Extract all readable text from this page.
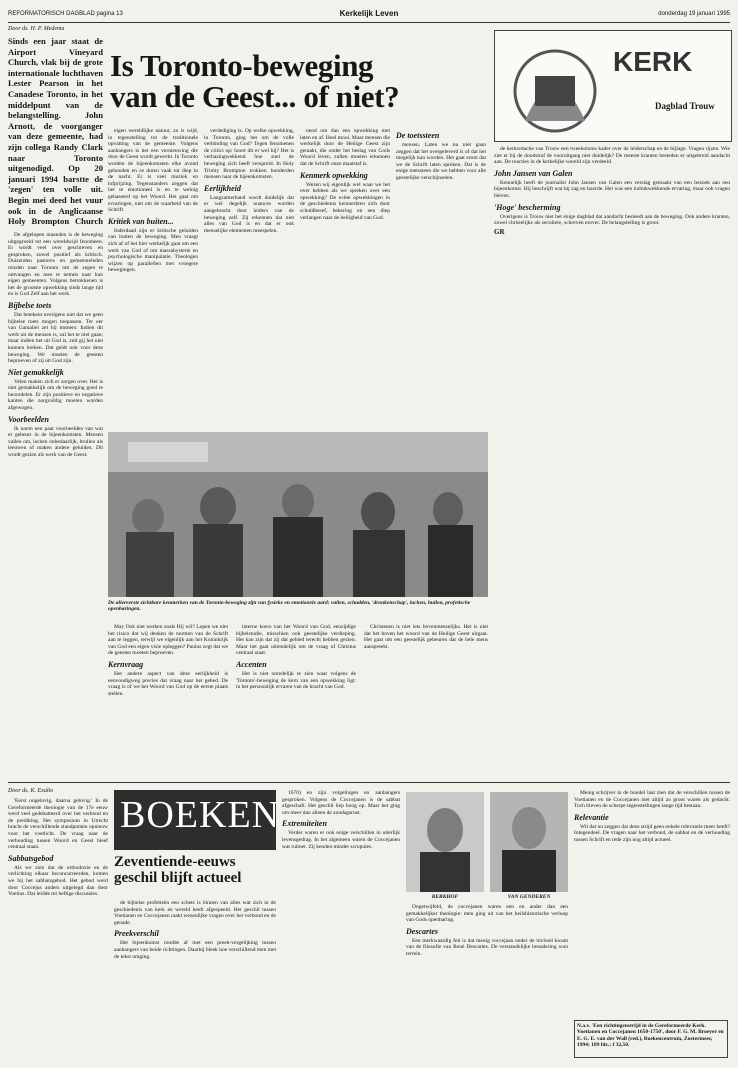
REFORMATORISCH DAGBLAD pagina 13	Kerkelijk Leven	donderdag 19 januari 1995
Door ds. H. P. Medema
Is Toronto-beweging
van de Geest... of niet?
Sinds een jaar staat de Airport Vineyard Church, vlak bij de grote internationale luchthaven Lester Pearson in het Canadese Toronto, in het middelpunt van de belangstelling. John Arnott, de voorganger van deze gemeente, had zijn collega Randy Clark naar Toronto uitgenodigd. Op 20 januari 1994 barstte de 'zegen' ten volle uit. Begin mei deed het vuur ook in de Anglicaanse Holy Brompton Church

De afgelopen maanden is de beweging uitgegroeid tot een wereldwijd fenomeen. Er wordt veel over geschreven en gesproken, zowel positief als kritisch. Duizenden pastores en gemeenteleden reisden naar Toronto om de zegen te ontvangen en mee te nemen naar hun eigen gemeenten. Volgens betrokkenen is het de grootste opwekking sinds lange tijd en is God Zelf aan het werk.

Bijbelse toets

Dat betekent overigens niet dat we geen bijbelse toets mogen toepassen. Ter eer van Gamaliel zei hij immers: Indien dit werk uit de mensen is, zal het te niet gaan; maar indien het uit God is, zult gij het niet kunnen breken. Dat geldt ook voor deze beweging. We moeten de geesten beproeven of zij uit God zijn.

Niet gemakkelijk

Velen maken zich er zorgen over. Het is niet gemakkelijk om de beweging goed te beoordelen. Er zijn positieve en negatieve kanten die zorgvuldig moeten worden afgewogen.

Voorbeelden

Ik noem een paar voorbeelden van wat er gebeurt in de bijeenkomsten. Mensen vallen om, lachen onbedaarlijk, brullen als leeuwen of maken andere geluiden. Dit wordt gezien als werk van de Geest.

eigen wereldlijke natuur, zo is wijd, in tegenstelling tot de traditionele opvatting van de gemeente. Volgens aanhangers is het een vernieuwing die door de Geest wordt gewerkt. In Toronto worden de bijeenkomsten elke avond gehouden en ze duren vaak tot diep in de nacht. Er is veel muziek en lofprijzing. Tegenstanders zeggen dat het te emotioneel is en te weinig gebaseerd op het Woord. Het gaat om ervaringen, niet om de waarheid van de Schrift.

Kritiek van buiten...

Inderdaad zijn er kritische geluiden van buiten de beweging. Men vraagt zich af of het hier werkelijk gaat om een werk van God of om massahysterie en psychologische manipulatie. Theologen wijzen op parallellen met vroegere bewegingen.

verdediging is. Op welke opwekking, in Toronto, ging het om de volle verbinding van God? Tegen fenomenen de critici op: hoort dit er wel bij? Het is verbazingwekkend hoe snel de beweging zich heeft verspreid. In Holy Trinity Brompton trokken honderden mensen naar de bijeenkomsten.

Eerlijkheid

Langzamerhand wordt duidelijk dat er wel degelijk nuances worden aangebracht door leiders van de beweging zelf. Zij erkennen dat niet alles van God is en dat er ook menselijke elementen meespelen.

nend om dan een opwekking met laten en af. Heel mooi. Maar mensen die werkelijk door de Heilige Geest zijn geraakt, die onder het beslag van Gods Woord leven, zullen moeten erkennen dat de Schrift onze maatstaf is.

Kenmerk opwekking

Wezen wij eigenlijk wel waar we het over hebben als we spreken over een opwekking? De echte opwekkingen in de geschiedenis kenmerkten zich door schuldbesef, bekering en een diep verlangen naar de heiligheid van God.

De toetssteen

mensen. Laten we nu niet gaan zeggen dat het overgeleverd is of dat het mogelijk kan worden. Het gaat erom dat we de Schrift laten spreken. Dat is de enige toetssteen die we hebben voor alle geestelijke verschijnselen.

De allereerste zichtbare kenmerken van de Toronto-beweging zijn van fysieke en emotionele aard: vallen, schudden, 'dronkenschap', lachen, huilen, profetische openbaringen.

May Ook niet werken zoals Hij wil? Lopen we niet het risico dat wij denken de normen van de Schrift aan te leggen, terwijl we eigenlijk aan het Koninkrijk van God een eigen visie opleggen? Paulus zegt dat we de geesten moeten beproeven.

Kernvraag

Het andere aspect van deze eerlijkheid is eenvoudigweg precies dat vraag naar het gebed. De vraag is of we het Woord van God op de eerste plaats stellen.

interne koers van het Woord van God, eenzijdige bijbelstudie, misschien ook geestelijke verdieping. Het kan zijn dat zij dat gebied terecht hebben gezien. Maar het gaat uiteindelijk om de vraag of Christus centraal staat.

Accenten

Het is niet onredelijk te zien waar volgens de 'Toronto'-beweging de kern van een opwekking ligt: in het persoonlijk ervaren van de kracht van God.

Christenen is niet iets bovenmenselijks. Het is niet dat het boven het woord van de Heilige Geest uitgaat. Het gaat om een geestelijk gebeuren dat de hele mens aanspreekt.

KERK
Dagblad Trouw

de kerkredactie van Trouw een tweekoloms kader over de leiderschap en de bijlage. Vragen rijzen. Wie ziet er bij de doodstraf de vooruitgang niet duidelijk? De meeste kranten besteden er uitgebreid aandacht aan. De reacties in de kerkelijke wereld zijn verdeeld.

John Jansen van Galen

Kennelijk heeft de journalist John Jansen van Galen een verslag gemaakt van een bezoek aan een bijeenkomst. Hij beschrijft wat hij zag en hoorde. Het was een indrukwekkende ervaring, maar ook vragen bleven.

'Hoge' bescherming

Overigens is Trouw niet het enige dagblad dat aandacht besteedt aan de beweging. Ook andere kranten, zowel christelijke als seculiere, schreven erover. De belangstelling is groot.

GR
Door ds. K. Exalto

'Eerst ongelovig, daarna gelovig.' In de Gereformeerde theologie van de 17e eeuw werd veel gedebatteerd over het verbond en de prediking. Het symposium in Utrecht bracht de verschillende standpunten opnieuw voor het voetlicht. De vraag naar de verhouding tussen Woord en Geest bleef centraal staan.

Sabbatsgebod

Als we zien dat de orthodoxie en de verlichting elkaar beconcurreerden, komen we bij het sabbatsgebod. Het gebod werd door Coccejus anders uitgelegd dan door Voetius. Dat leidde tot heftige discussies.

BOEKEN
Zeventiende-eeuws geschil blijft actueel

de bijbelse profetieën een schets is binnen van alles wat zich in de geschiedenis van kerk en wereld heeft afgespeeld. Het geschil tussen Voetianen en Coccejanen raakt wezenlijke vragen over het verbond en de genade.

Preekverschil

Het bijeenkomst rondde af met een preek-vergelijking tussen aanhangers van beide richtingen. Daarbij bleek hoe verschillend men met de tekst omging.

1670) en zijn volgelingen en aanhangers gesproken. Volgens de Coccejanen is de sabbat afgeschaft. Het geschil liep hoog op. Maar het ging om meer dan alleen de zondagsrust.

Extremiteiten

Verder waren er ook enige verschillen in uiterlijk levensgedrag. In het algemeen waren de Coccejanen wat ruimer. Zij kenden minder scrupules.

BERKHOF	VAN GENDEREN

Ongetwijfeld, de coccejanen waren een en ander dan een gemakkelijker theologie: men ging uit van het heilshistorische verloop van Gods openbaring.

Descartes

Een merkwaardig feit is dat menig coccejaan onder de invloed kwam van de filosofie van René Descartes. De verstandelijke benadering won terrein.

Menig schrijver in de bundel laat zien dat de verschillen tussen de Voetianen en de Coccejanen niet altijd zo groot waren als gedacht. Toch bleven de scherpe tegenstellingen lange tijd bestaan.

Relevantie

Wil dat nu zeggen dat deze strijd geen enkele relevantie meer heeft? Integendeel. De vragen naar het verbond, de sabbat en de verhouding tussen Schrift en rede zijn nog altijd actueel.

N.a.v. 'Een richtingenstrijd in de Gereformeerde Kerk. Voetianen en Coccejanen 1650-1750', door F. G. M. Broeyer en E. G. E. van der Wall (red.), Boekencentrum, Zoetermeer, 1994; 189 blz.; f 32,50.
